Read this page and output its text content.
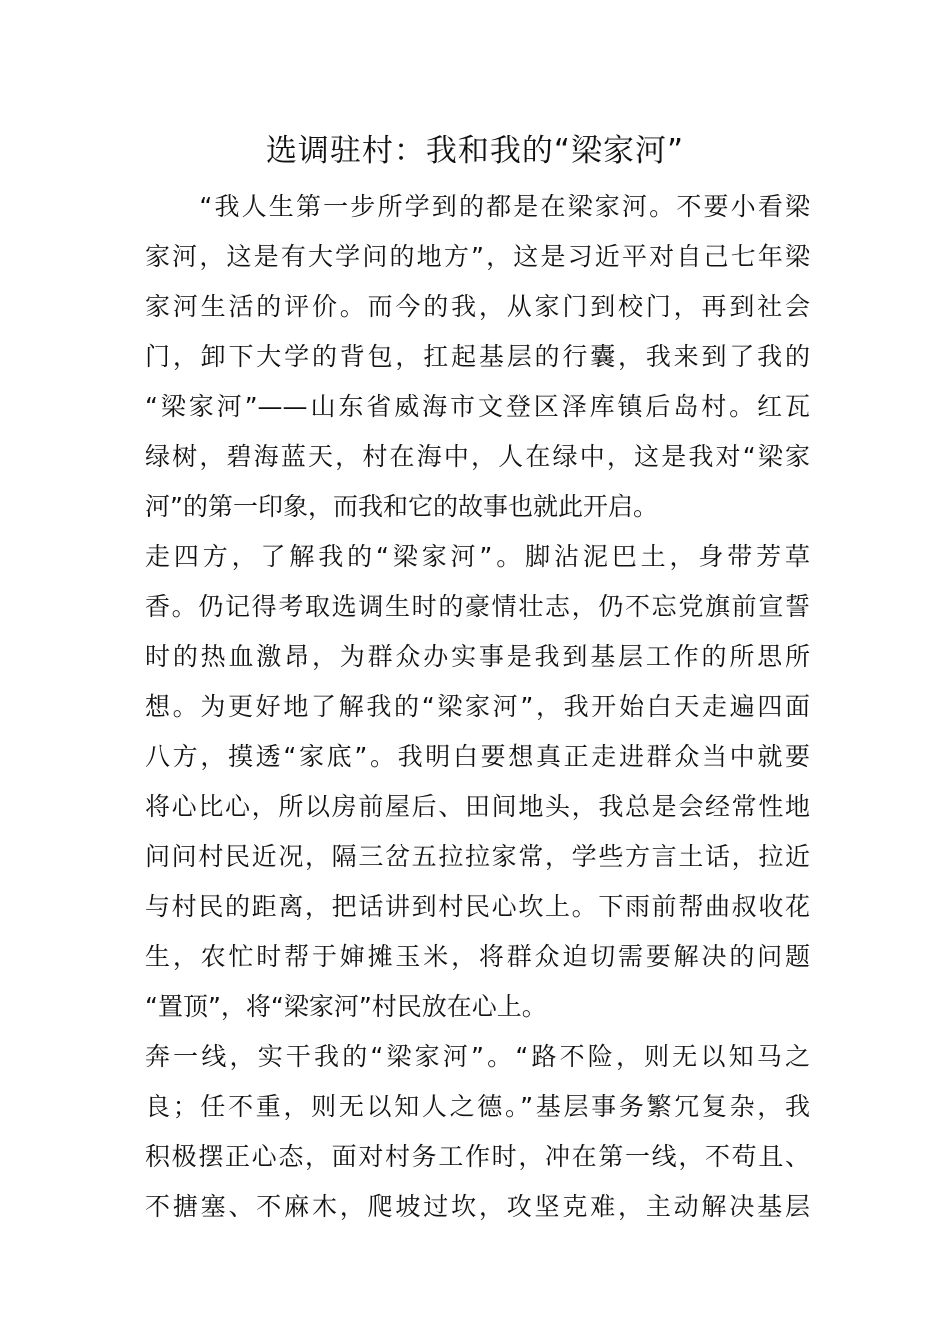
选调驻村：我和我的“梁家河”
　　“我人生第一步所学到的都是在梁家河。不要小看梁
家河，这是有大学问的地方”，这是习近平对自己七年梁
家河生活的评价。而今的我，从家门到校门，再到社会
门，卸下大学的背包，扛起基层的行囊，我来到了我的
“梁家河”——山东省威海市文登区泽库镇后岛村。红瓦
绿树，碧海蓝天，村在海中，人在绿中，这是我对“梁家
河”的第一印象，而我和它的故事也就此开启。
走四方，了解我的“梁家河”。脚沾泥巴土，身带芳草
香。仍记得考取选调生时的豪情壮志，仍不忘党旗前宣誓
时的热血激昂，为群众办实事是我到基层工作的所思所
想。为更好地了解我的“梁家河”，我开始白天走遍四面
八方，摸透“家底”。我明白要想真正走进群众当中就要
将心比心，所以房前屋后、田间地头，我总是会经常性地
问问村民近况，隔三岔五拉拉家常，学些方言土话，拉近
与村民的距离，把话讲到村民心坎上。下雨前帮曲叔收花
生，农忙时帮于婶摊玉米，将群众迫切需要解决的问题
“置顶”，将“梁家河”村民放在心上。
奔一线，实干我的“梁家河”。“路不险，则无以知马之
良；任不重，则无以知人之德。”基层事务繁冗复杂，我
积极摆正心态，面对村务工作时，冲在第一线，不苟且、
不搪塞、不麻木，爬坡过坎，攻坚克难，主动解决基层
